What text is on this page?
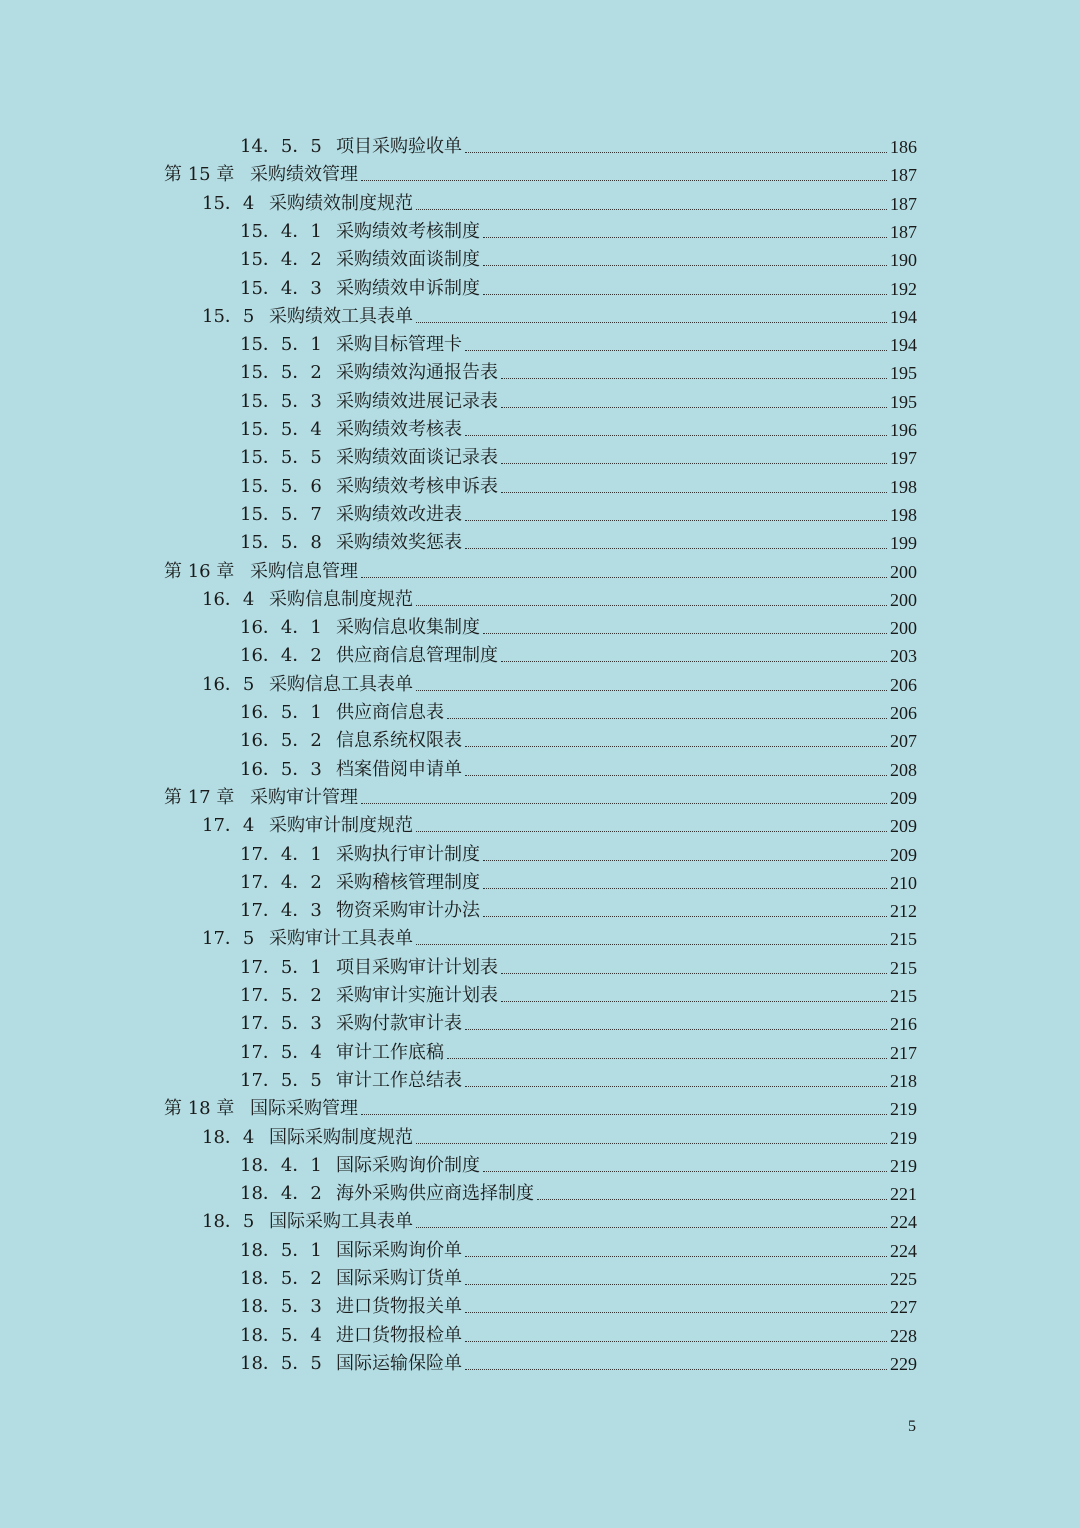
14．5．5 项目采购验收单	186
第 15 章 采购绩效管理	187
15．4 采购绩效制度规范	187
15．4．1 采购绩效考核制度	187
15．4．2 采购绩效面谈制度	190
15．4．3 采购绩效申诉制度	192
15．5 采购绩效工具表单	194
15．5．1 采购目标管理卡	194
15．5．2 采购绩效沟通报告表	195
15．5．3 采购绩效进展记录表	195
15．5．4 采购绩效考核表	196
15．5．5 采购绩效面谈记录表	197
15．5．6 采购绩效考核申诉表	198
15．5．7 采购绩效改进表	198
15．5．8 采购绩效奖惩表	199
第 16 章 采购信息管理	200
16．4 采购信息制度规范	200
16．4．1 采购信息收集制度	200
16．4．2 供应商信息管理制度	203
16．5 采购信息工具表单	206
16．5．1 供应商信息表	206
16．5．2 信息系统权限表	207
16．5．3 档案借阅申请单	208
第 17 章 采购审计管理	209
17．4 采购审计制度规范	209
17．4．1 采购执行审计制度	209
17．4．2 采购稽核管理制度	210
17．4．3 物资采购审计办法	212
17．5 采购审计工具表单	215
17．5．1 项目采购审计计划表	215
17．5．2 采购审计实施计划表	215
17．5．3 采购付款审计表	216
17．5．4 审计工作底稿	217
17．5．5 审计工作总结表	218
第 18 章 国际采购管理	219
18．4 国际采购制度规范	219
18．4．1 国际采购询价制度	219
18．4．2 海外采购供应商选择制度	221
18．5 国际采购工具表单	224
18．5．1 国际采购询价单	224
18．5．2 国际采购订货单	225
18．5．3 进口货物报关单	227
18．5．4 进口货物报检单	228
18．5．5 国际运输保险单	229
5
